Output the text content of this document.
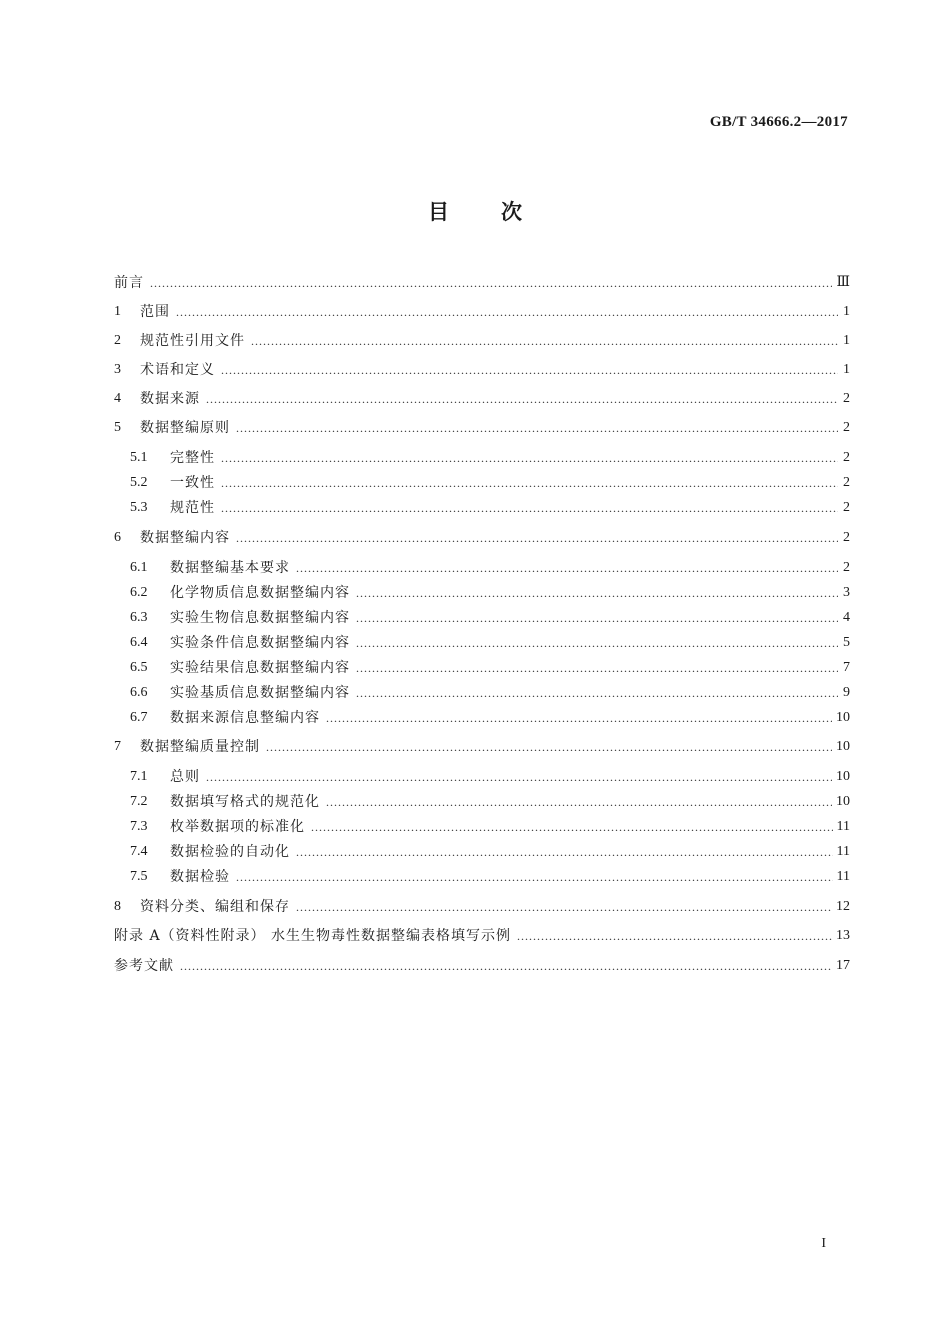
GB/T 34666.2—2017
目 次
前言 .....	Ⅲ
1	范围 .....	1
2	规范性引用文件 .....	1
3	术语和定义 .....	1
4	数据来源 .....	2
5	数据整编原则 .....	2
5.1	完整性 .....	2
5.2	一致性 .....	2
5.3	规范性 .....	2
6	数据整编内容 .....	2
6.1	数据整编基本要求 .....	2
6.2	化学物质信息数据整编内容 .....	3
6.3	实验生物信息数据整编内容 .....	4
6.4	实验条件信息数据整编内容 .....	5
6.5	实验结果信息数据整编内容 .....	7
6.6	实验基质信息数据整编内容 .....	9
6.7	数据来源信息整编内容 .....	10
7	数据整编质量控制 .....	10
7.1	总则 .....	10
7.2	数据填写格式的规范化 .....	10
7.3	枚举数据项的标准化 .....	11
7.4	数据检验的自动化 .....	11
7.5	数据检验 .....	11
8	资料分类、编组和保存 .....	12
附录 A（资料性附录） 水生生物毒性数据整编表格填写示例 .....	13
参考文献 .....	17
I
